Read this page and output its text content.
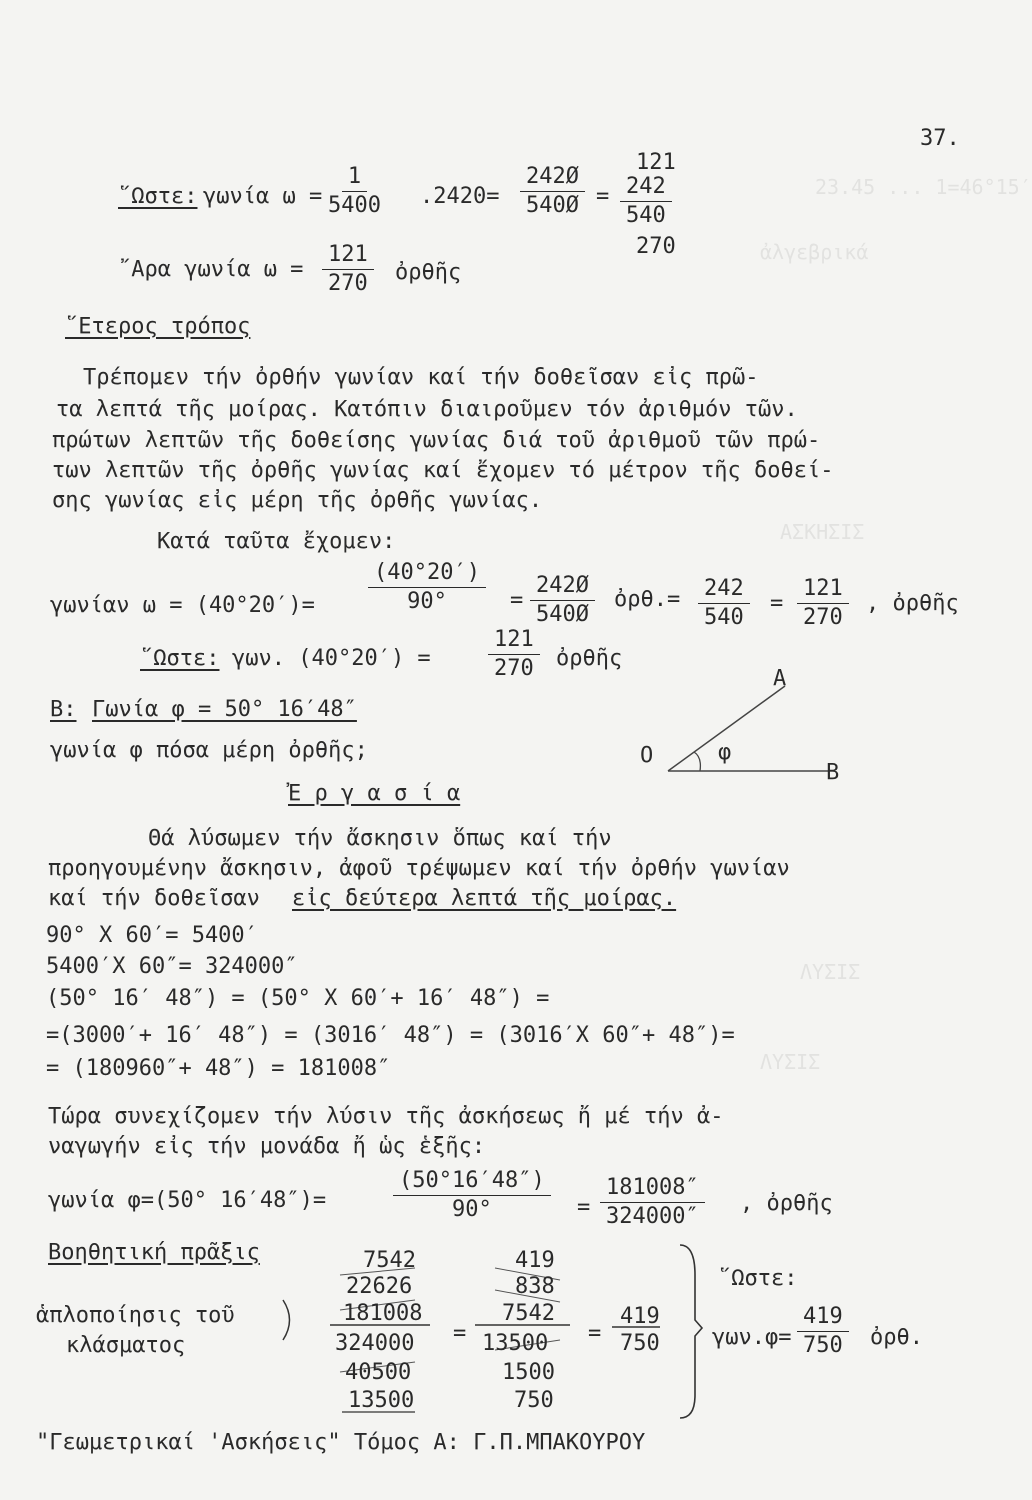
23.45 ... 1=46°15′
ἀλγεβρικά
ΑΣΚΗΣΙΣ
ΛΥΣΙΣ
ΛΥΣΙΣ
37.
῞Ωστε: γωνία $\omega = \frac{1}{5400} .2420= \frac{242Ø}{540Ø}$ =
121
$\frac{242}{540}$
270
῎Αρα γωνία $\omega = \frac{121}{270}$ ὀρθῆς
῞Ετερος τρόπος
Τρέπομεν τήν ὀρθήν γωνίαν καί τήν δοθεῖσαν εἰς πρῶ-
τα λεπτά τῆς μοίρας. Κατόπιν διαιροῦμεν τόν ἀριθμόν τῶν.
πρώτων λεπτῶν τῆς δοθείσης γωνίας διά τοῦ ἀριθμοῦ τῶν πρώ-
των λεπτῶν τῆς ὀρθῆς γωνίας καί ἔχομεν τό μέτρον τῆς δοθεί-
σης γωνίας εἰς μέρη τῆς ὀρθῆς γωνίας.
Κατά ταῦτα ἔχομεν:
γωνίαν $\omega = (40^\circ 20')= \frac{(40^\circ 20')}{90^\circ} = \frac{242Ø}{540Ø}$ ὀρθ.= $\frac{242}{540} = \frac{121}{270}$ , ὀρθῆς
῞Ωστε: γων. (40°20′) =	$\frac{121}{270}$ ὀρθῆς
Β: Γωνία φ = 50° 16′48″
γωνία φ πόσα μέρη ὀρθῆς;
Α
Ο	φ
Β
Ἐ ρ γ α σ ί α
Θά λύσωμεν τήν ἄσκησιν ὅπως καί τήν
προηγουμένην ἄσκησιν, ἀφοῦ τρέψωμεν καί τήν ὀρθήν γωνίαν
καί τήν δοθεῖσαν εἰς δεύτερα λεπτά τῆς μοίρας.
90° X 60′= 5400′
5400′X 60″= 324000″
(50° 16′ 48″) = (50° X 60′+ 16′ 48″) =
=(3000′+ 16′ 48″) = (3016′ 48″) = (3016′X 60″+ 48″)=
= (180960″+ 48″) = 181008″
Τώρα συνεχίζομεν τήν λύσιν τῆς ἀσκήσεως ἤ μέ τήν ἀ-
ναγωγήν εἰς τήν μονάδα ἤ ὡς ἑξῆς:
γωνία φ=(50° 16′48″)=	$\frac{(50^\circ 16'48'')}{90^\circ} = \frac{181008''}{324000''}$ , ὀρθῆς
Βοηθητική πρᾶξις
ἁπλοποίησις τοῦ
κλάσματος
7542
22626
181008
324000
40500
13500
=
419
838
7542
13500
1500
750
=
419
750
῞Ωστε:
$\gamma\omega\nu.\varphi= \frac{419}{750}$ ὀρθ.
"Γεωμετρικαί 'Ασκήσεις" Τόμος Α: Γ.Π.ΜΠΑΚΟΥΡΟΥ
